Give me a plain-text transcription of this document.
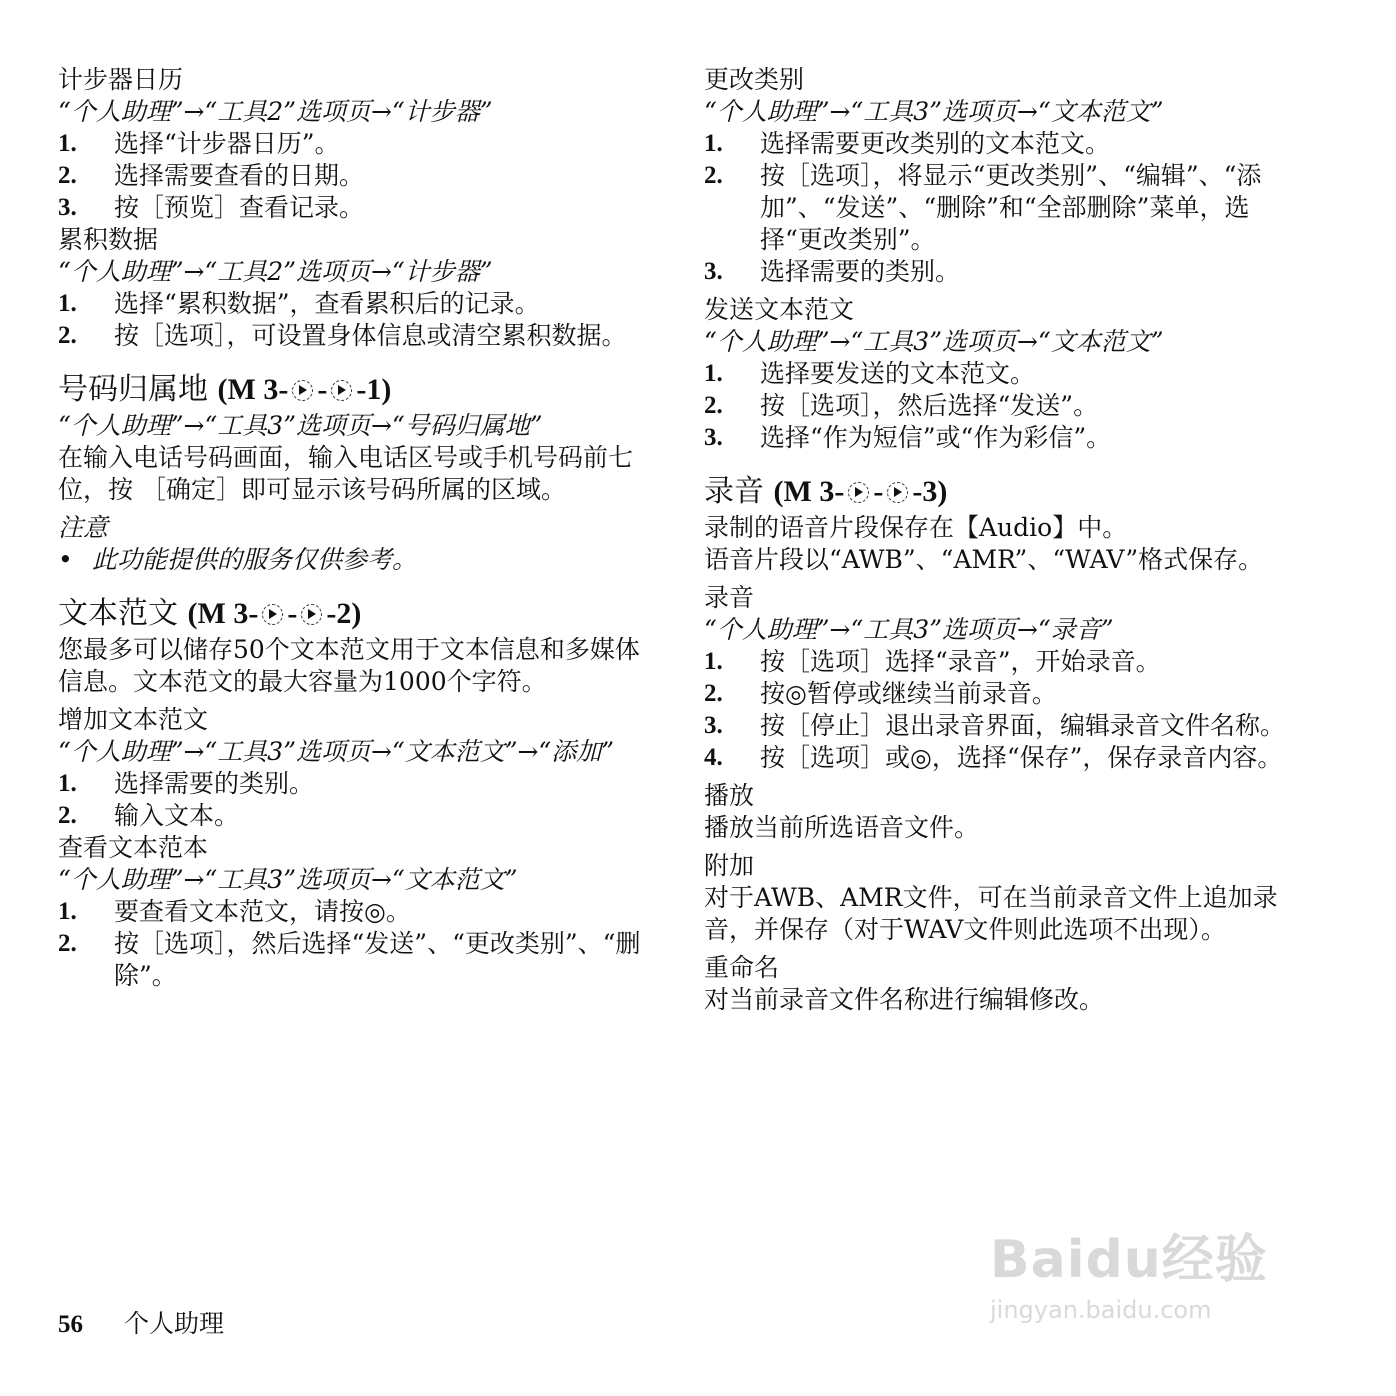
计步器日历

“个人助理”→“工具2”选项页→“计步器”

1.	选择“计步器日历”。
2.	选择需要查看的日期。
3.	按［预览］查看记录。

累积数据

“个人助理”→“工具2”选项页→“计步器”

1.	选择“累积数据”，查看累积后的记录。
2.	按［选项］，可设置身体信息或清空累积数据。
号码归属地 (M 3- - -1)

“个人助理”→“工具3”选项页→“号码归属地”

在输入电话号码画面，输入电话区号或手机号码前七位，按 ［确定］即可显示该号码所属的区域。

注意

• 此功能提供的服务仅供参考。
文本范文 (M 3- - -2)

您最多可以储存50个文本范文用于文本信息和多媒体信息。文本范文的最大容量为1000个字符。

增加文本范文

“个人助理”→“工具3”选项页→“文本范文”→“添加”

1.	选择需要的类别。
2.	输入文本。

查看文本范本

“个人助理”→“工具3”选项页→“文本范文”

1.	要查看文本范文，请按◎。
2.	按［选项］，然后选择“发送”、“更改类别”、“删除”。

更改类别

“个人助理”→“工具3”选项页→“文本范文”

1.	选择需要更改类别的文本范文。
2.	按［选项］，将显示“更改类别”、“编辑”、“添加”、“发送”、“删除”和“全部删除”菜单，选择“更改类别”。
3.	选择需要的类别。

发送文本范文

“个人助理”→“工具3”选项页→“文本范文”

1.	选择要发送的文本范文。
2.	按［选项］，然后选择“发送”。
3.	选择“作为短信”或“作为彩信”。
录音 (M 3- - -3)

录制的语音片段保存在【Audio】中。

语音片段以“AWB”、“AMR”、“WAV”格式保存。

录音

“个人助理”→“工具3”选项页→“录音”

1.	按［选项］选择“录音”，开始录音。
2.	按◎暂停或继续当前录音。
3.	按［停止］退出录音界面，编辑录音文件名称。
4.	按［选项］或◎，选择“保存”，保存录音内容。

播放

播放当前所选语音文件。

附加

对于AWB、AMR文件，可在当前录音文件上追加录音，并保存（对于WAV文件则此选项不出现）。

重命名

对当前录音文件名称进行编辑修改。

56 个人助理
Baidu经验
jingyan.baidu.com
